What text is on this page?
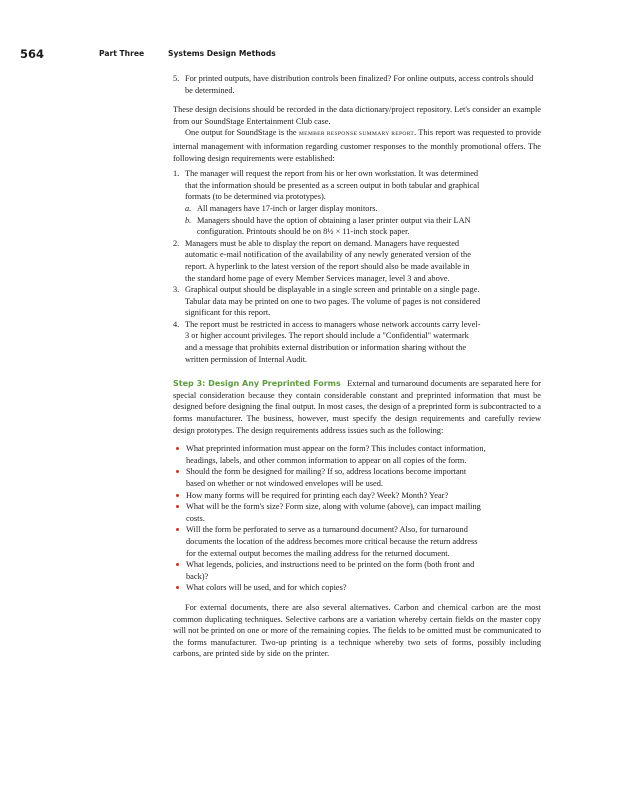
564	Part Three	Systems Design Methods
5. For printed outputs, have distribution controls been finalized? For online outputs, access controls should be determined.

These design decisions should be recorded in the data dictionary/project repository. Let's consider an example from our SoundStage Entertainment Club case.

One output for SoundStage is the MEMBER RESPONSE SUMMARY REPORT. This report was requested to provide internal management with information regarding customer responses to the monthly promotional offers. The following design requirements were established:

1. The manager will request the report from his or her own workstation. It was determined that the information should be presented as a screen output in both tabular and graphical formats (to be determined via prototypes).
a. All managers have 17-inch or larger display monitors.
b. Managers should have the option of obtaining a laser printer output via their LAN configuration. Printouts should be on 8½ × 11-inch stock paper.
2. Managers must be able to display the report on demand. Managers have requested automatic e-mail notification of the availability of any newly generated version of the report. A hyperlink to the latest version of the report should also be made available in the standard home page of every Member Services manager, level 3 and above.
3. Graphical output should be displayable in a single screen and printable on a single page. Tabular data may be printed on one to two pages. The volume of pages is not considered significant for this report.
4. The report must be restricted in access to managers whose network accounts carry level-3 or higher account privileges. The report should include a "Confidential" watermark and a message that prohibits external distribution or information sharing without the written permission of Internal Audit.

Step 3: Design Any Preprinted Forms External and turnaround documents are separated here for special consideration because they contain considerable constant and preprinted information that must be designed before designing the final output. In most cases, the design of a preprinted form is subcontracted to a forms manufacturer. The business, however, must specify the design requirements and carefully review design prototypes. The design requirements address issues such as the following:

What preprinted information must appear on the form? This includes contact information, headings, labels, and other common information to appear on all copies of the form.
Should the form be designed for mailing? If so, address locations become important based on whether or not windowed envelopes will be used.
How many forms will be required for printing each day? Week? Month? Year?
What will be the form's size? Form size, along with volume (above), can impact mailing costs.
Will the form be perforated to serve as a turnaround document? Also, for turnaround documents the location of the address becomes more critical because the return address for the external output becomes the mailing address for the returned document.
What legends, policies, and instructions need to be printed on the form (both front and back)?
What colors will be used, and for which copies?

For external documents, there are also several alternatives. Carbon and chemical carbon are the most common duplicating techniques. Selective carbons are a variation whereby certain fields on the master copy will not be printed on one or more of the remaining copies. The fields to be omitted must be communicated to the forms manufacturer. Two-up printing is a technique whereby two sets of forms, possibly including carbons, are printed side by side on the printer.
